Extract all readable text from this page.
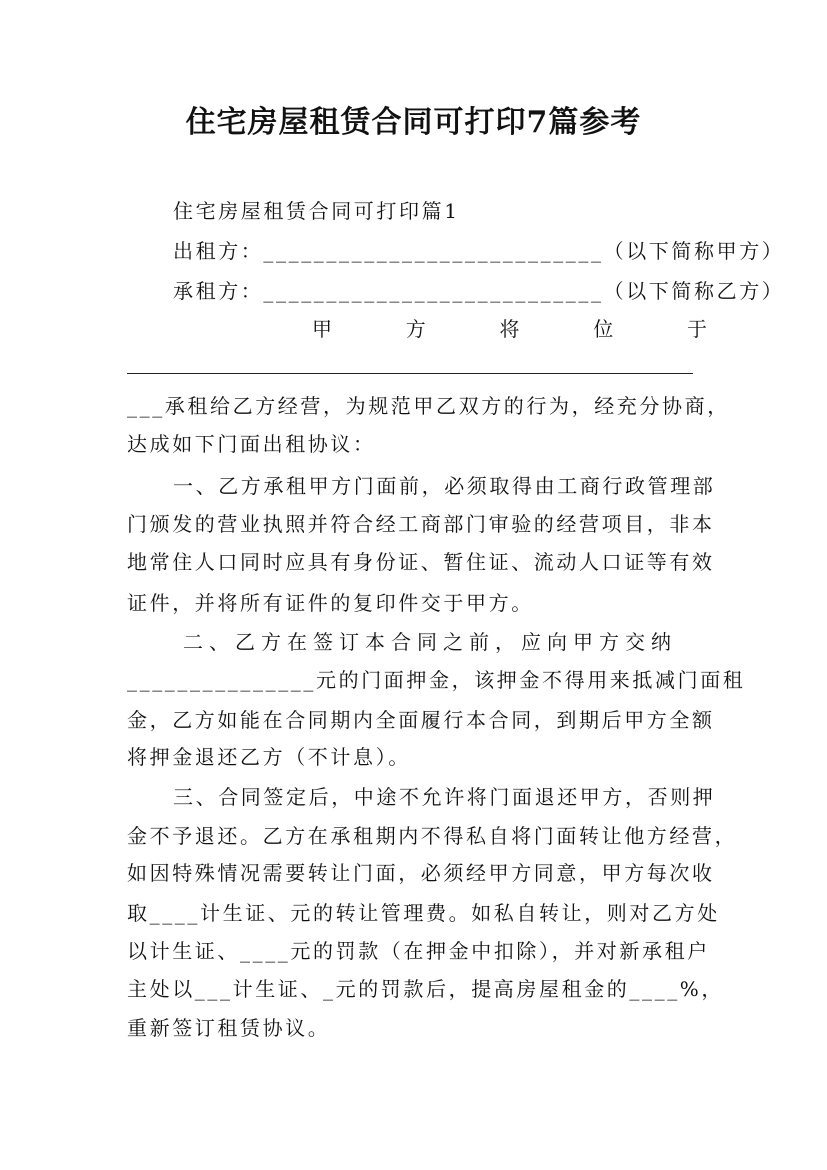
住宅房屋租赁合同可打印7篇参考
住宅房屋租赁合同可打印篇1
出租方：___________________________（以下简称甲方）
承租方：___________________________（以下简称乙方）
甲	方	将	位	于
___承租给乙方经营，为规范甲乙双方的行为，经充分协商，
达成如下门面出租协议：
一、乙方承租甲方门面前，必须取得由工商行政管理部
门颁发的营业执照并符合经工商部门审验的经营项目，非本
地常住人口同时应具有身份证、暂住证、流动人口证等有效
证件，并将所有证件的复印件交于甲方。
二、乙方在签订本合同之前，应向甲方交纳
_______________元的门面押金，该押金不得用来抵减门面租
金，乙方如能在合同期内全面履行本合同，到期后甲方全额
将押金退还乙方（不计息）。
三、合同签定后，中途不允许将门面退还甲方，否则押
金不予退还。乙方在承租期内不得私自将门面转让他方经营，
如因特殊情况需要转让门面，必须经甲方同意，甲方每次收
取____计生证、元的转让管理费。如私自转让，则对乙方处
以计生证、____元的罚款（在押金中扣除），并对新承租户
主处以___计生证、_元的罚款后，提高房屋租金的____%，
重新签订租赁协议。
